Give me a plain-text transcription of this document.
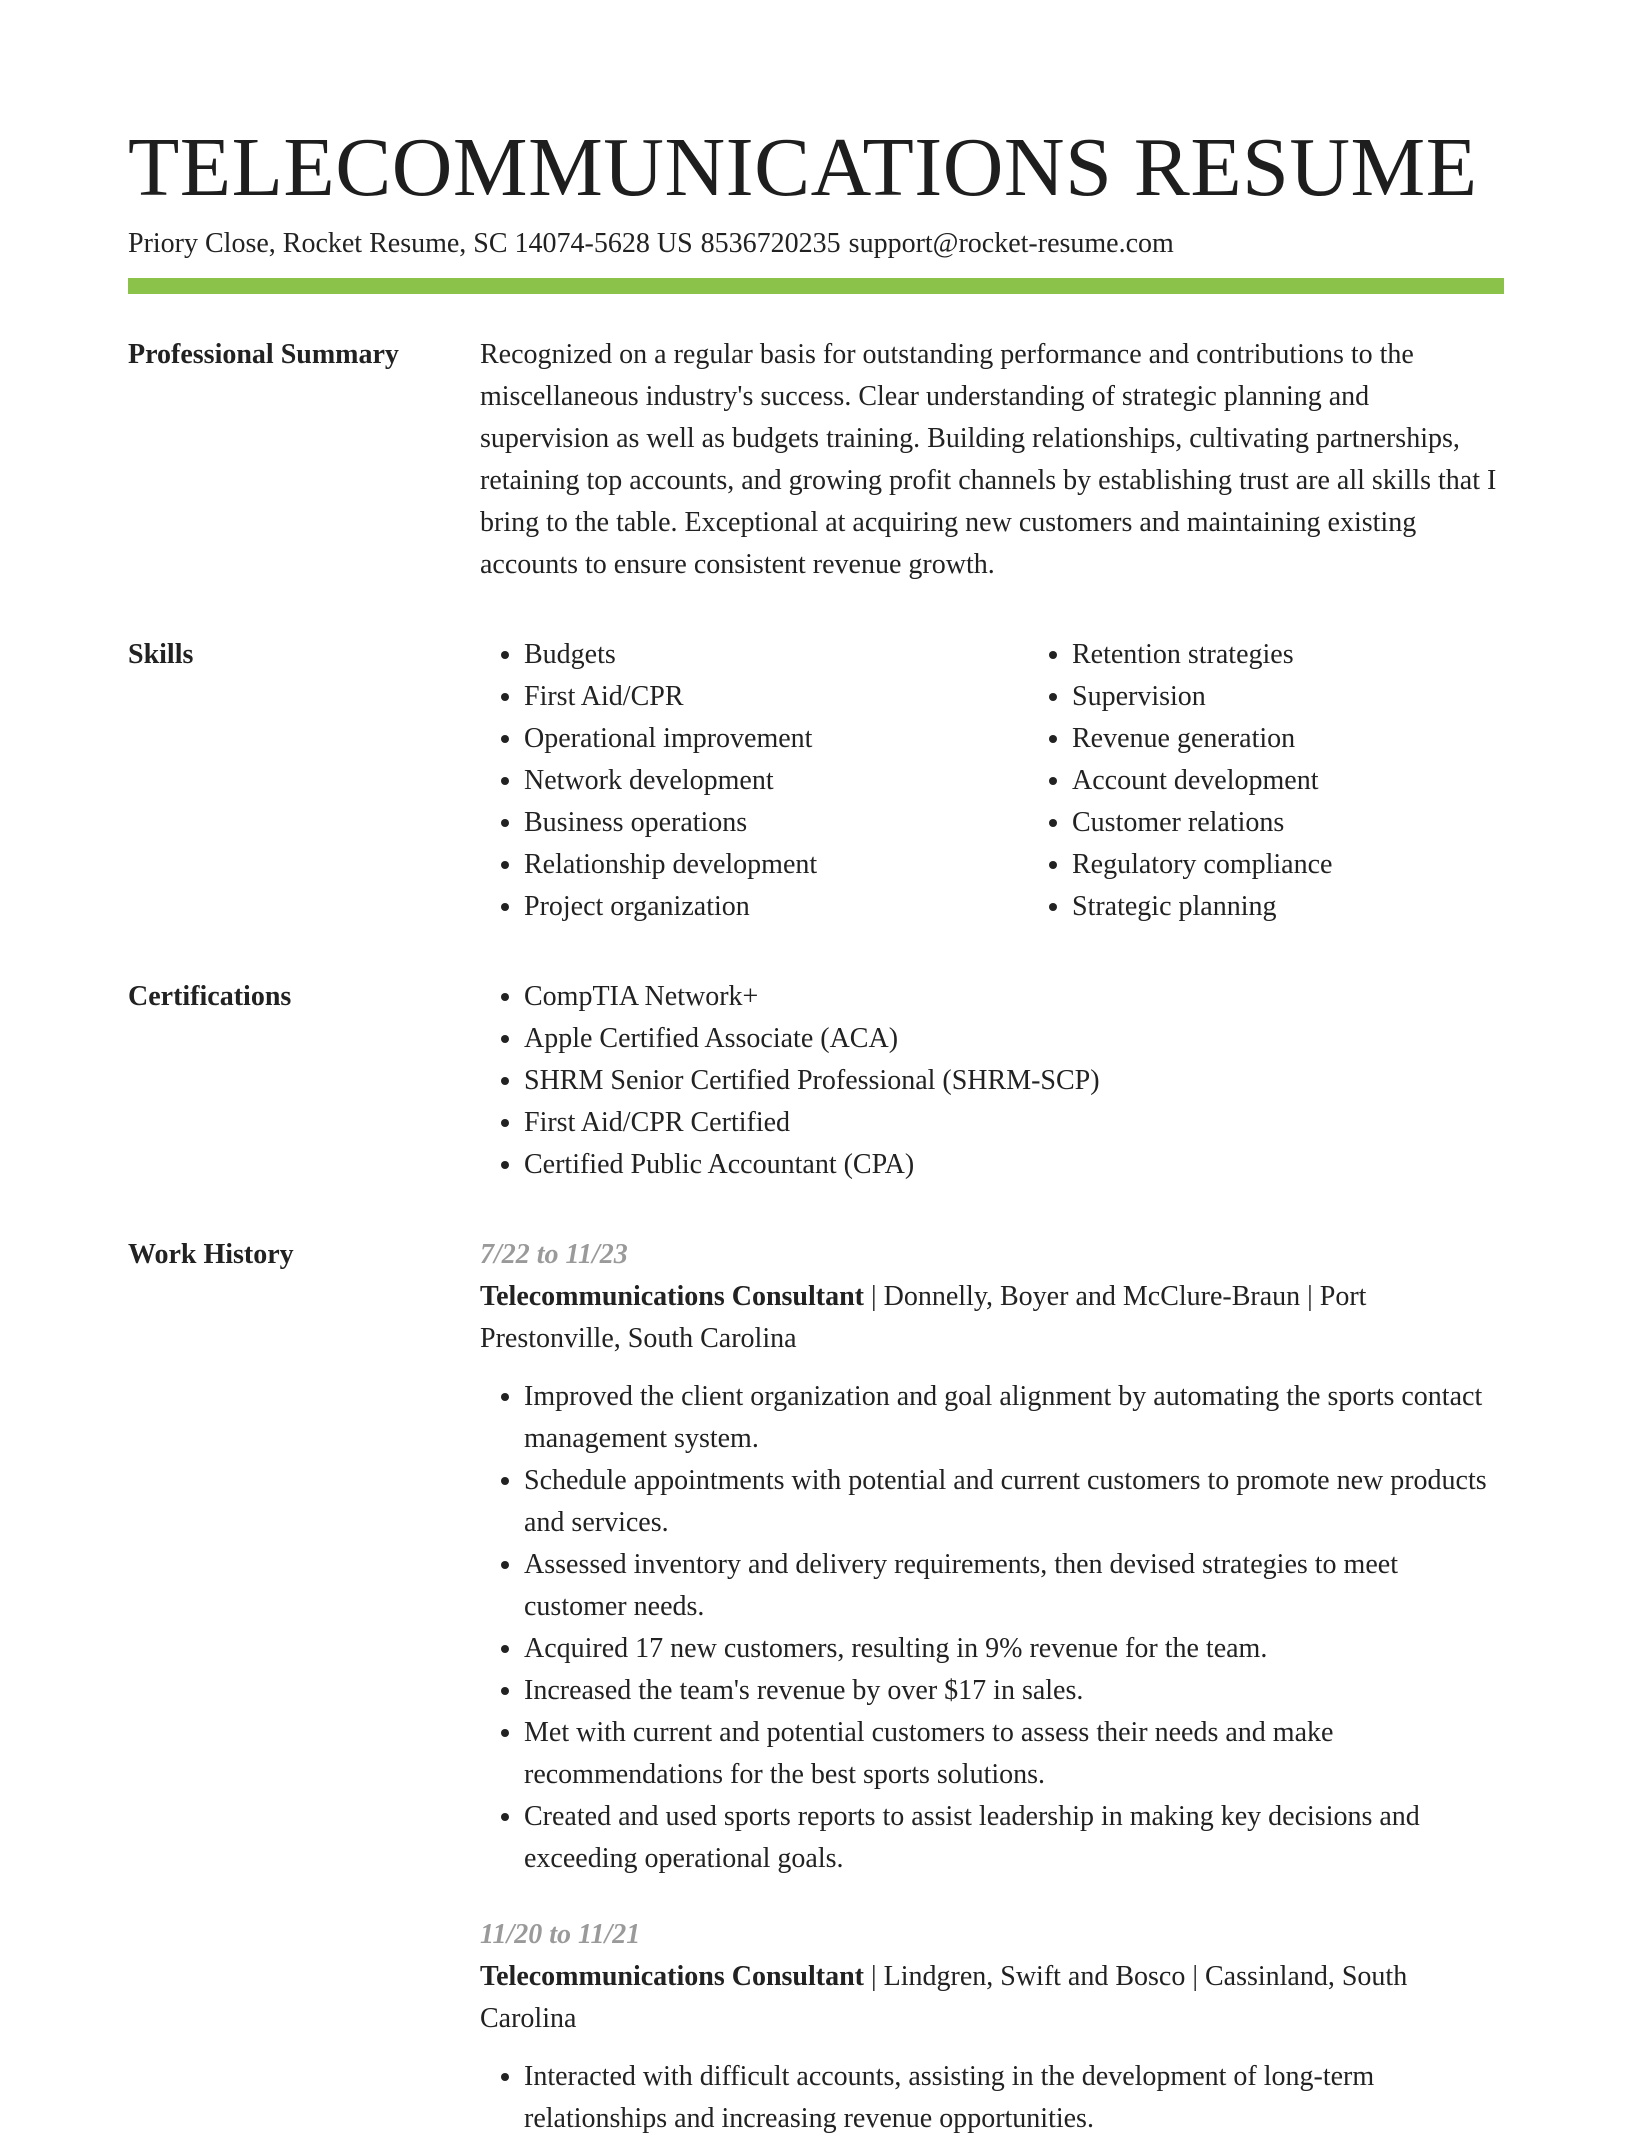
TELECOMMUNICATIONS RESUME
Priory Close, Rocket Resume, SC 14074-5628 US 8536720235 support@rocket-resume.com
Professional Summary	Recognized on a regular basis for outstanding performance and contributions to the miscellaneous industry's success. Clear understanding of strategic planning and supervision as well as budgets training. Building relationships, cultivating partnerships, retaining top accounts, and growing profit channels by establishing trust are all skills that I bring to the table. Exceptional at acquiring new customers and maintaining existing accounts to ensure consistent revenue growth.

Skills	• Budgets
• First Aid/CPR
• Operational improvement
• Network development
• Business operations
• Relationship development
• Project organization
• Retention strategies
• Supervision
• Revenue generation
• Account development
• Customer relations
• Regulatory compliance
• Strategic planning
Certifications	• CompTIA Network+
• Apple Certified Associate (ACA)
• SHRM Senior Certified Professional (SHRM-SCP)
• First Aid/CPR Certified
• Certified Public Accountant (CPA)
Work History	7/22 to 11/23
Telecommunications Consultant | Donnelly, Boyer and McClure-Braun | Port Prestonville, South Carolina
• Improved the client organization and goal alignment by automating the sports contact management system.
• Schedule appointments with potential and current customers to promote new products and services.
• Assessed inventory and delivery requirements, then devised strategies to meet customer needs.
• Acquired 17 new customers, resulting in 9% revenue for the team.
• Increased the team's revenue by over $17 in sales.
• Met with current and potential customers to assess their needs and make recommendations for the best sports solutions.
• Created and used sports reports to assist leadership in making key decisions and exceeding operational goals.
11/20 to 11/21
Telecommunications Consultant | Lindgren, Swift and Bosco | Cassinland, South Carolina
• Interacted with difficult accounts, assisting in the development of long-term relationships and increasing revenue opportunities.
